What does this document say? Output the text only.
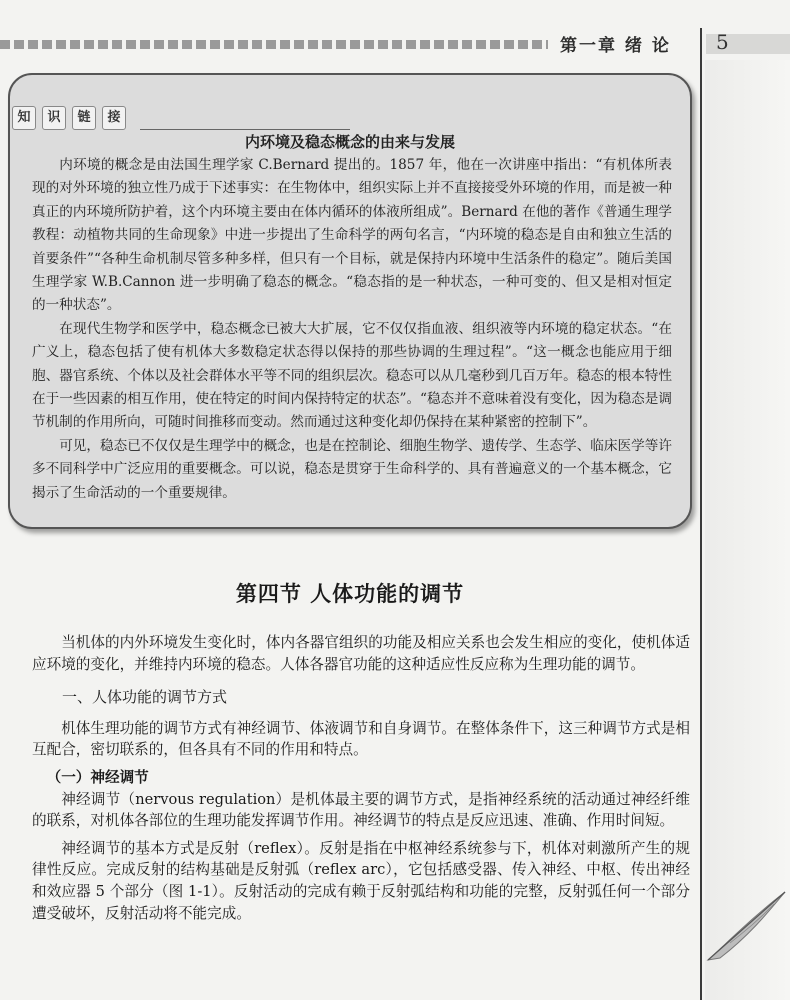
第一章 绪 论 5
知	识	链	接
内环境及稳态概念的由来与发展

内环境的概念是由法国生理学家 C.Bernard 提出的。1857 年，他在一次讲座中指出：“有机体所表现的对外环境的独立性乃成于下述事实：在生物体中，组织实际上并不直接接受外环境的作用，而是被一种真正的内环境所防护着，这个内环境主要由在体内循环的体液所组成”。Bernard 在他的著作《普通生理学教程：动植物共同的生命现象》中进一步提出了生命科学的两句名言，“内环境的稳态是自由和独立生活的首要条件”“各种生命机制尽管多种多样，但只有一个目标，就是保持内环境中生活条件的稳定”。随后美国生理学家 W.B.Cannon 进一步明确了稳态的概念。“稳态指的是一种状态，一种可变的、但又是相对恒定的一种状态”。

在现代生物学和医学中，稳态概念已被大大扩展，它不仅仅指血液、组织液等内环境的稳定状态。“在广义上，稳态包括了使有机体大多数稳定状态得以保持的那些协调的生理过程”。“这一概念也能应用于细胞、器官系统、个体以及社会群体水平等不同的组织层次。稳态可以从几毫秒到几百万年。稳态的根本特性在于一些因素的相互作用，使在特定的时间内保持特定的状态”。“稳态并不意味着没有变化，因为稳态是调节机制的作用所向，可随时间推移而变动。然而通过这种变化却仍保持在某种紧密的控制下”。

可见，稳态已不仅仅是生理学中的概念，也是在控制论、细胞生物学、遗传学、生态学、临床医学等许多不同科学中广泛应用的重要概念。可以说，稳态是贯穿于生命科学的、具有普遍意义的一个基本概念，它揭示了生命活动的一个重要规律。

第四节 人体功能的调节

当机体的内外环境发生变化时，体内各器官组织的功能及相应关系也会发生相应的变化，使机体适应环境的变化，并维持内环境的稳态。人体各器官功能的这种适应性反应称为生理功能的调节。

一、人体功能的调节方式

机体生理功能的调节方式有神经调节、体液调节和自身调节。在整体条件下，这三种调节方式是相互配合，密切联系的，但各具有不同的作用和特点。

（一）神经调节

神经调节（nervous regulation）是机体最主要的调节方式，是指神经系统的活动通过神经纤维的联系，对机体各部位的生理功能发挥调节作用。神经调节的特点是反应迅速、准确、作用时间短。

神经调节的基本方式是反射（reflex）。反射是指在中枢神经系统参与下，机体对刺激所产生的规律性反应。完成反射的结构基础是反射弧（reflex arc），它包括感受器、传入神经、中枢、传出神经和效应器 5 个部分（图 1-1）。反射活动的完成有赖于反射弧结构和功能的完整，反射弧任何一个部分遭受破坏，反射活动将不能完成。
